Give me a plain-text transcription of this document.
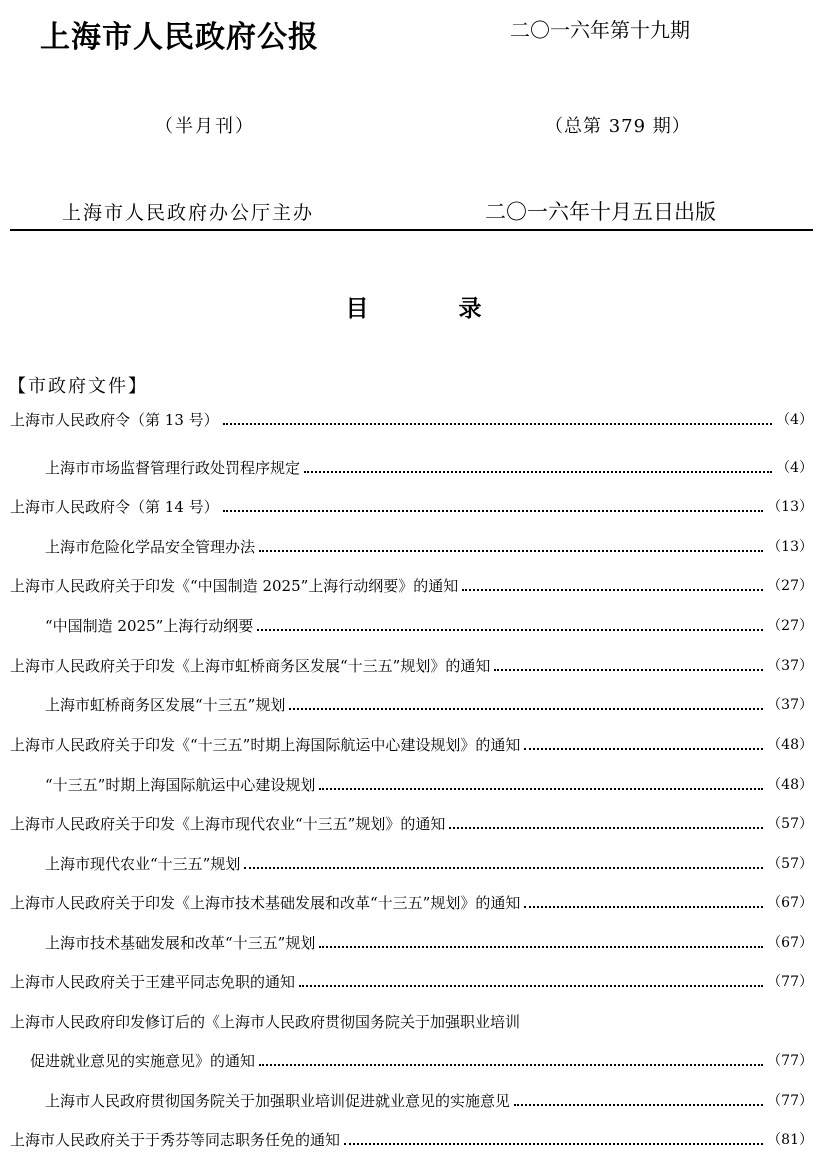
上海市人民政府公报	二〇一六年第十九期
（半月刊）	（总第 379 期）
上海市人民政府办公厅主办	二〇一六年十月五日出版
目录
【市政府文件】
上海市人民政府令（第 13 号）	（4）
上海市市场监督管理行政处罚程序规定	（4）
上海市人民政府令（第 14 号）	（13）
上海市危险化学品安全管理办法	（13）
上海市人民政府关于印发《“中国制造 2025”上海行动纲要》的通知	（27）
“中国制造 2025”上海行动纲要	（27）
上海市人民政府关于印发《上海市虹桥商务区发展“十三五”规划》的通知	（37）
上海市虹桥商务区发展“十三五”规划	（37）
上海市人民政府关于印发《“十三五”时期上海国际航运中心建设规划》的通知	（48）
“十三五”时期上海国际航运中心建设规划	（48）
上海市人民政府关于印发《上海市现代农业“十三五”规划》的通知	（57）
上海市现代农业“十三五”规划	（57）
上海市人民政府关于印发《上海市技术基础发展和改革“十三五”规划》的通知	（67）
上海市技术基础发展和改革“十三五”规划	（67）
上海市人民政府关于王建平同志免职的通知	（77）
上海市人民政府印发修订后的《上海市人民政府贯彻国务院关于加强职业培训
促进就业意见的实施意见》的通知	（77）
上海市人民政府贯彻国务院关于加强职业培训促进就业意见的实施意见	（77）
上海市人民政府关于于秀芬等同志职务任免的通知	（81）
